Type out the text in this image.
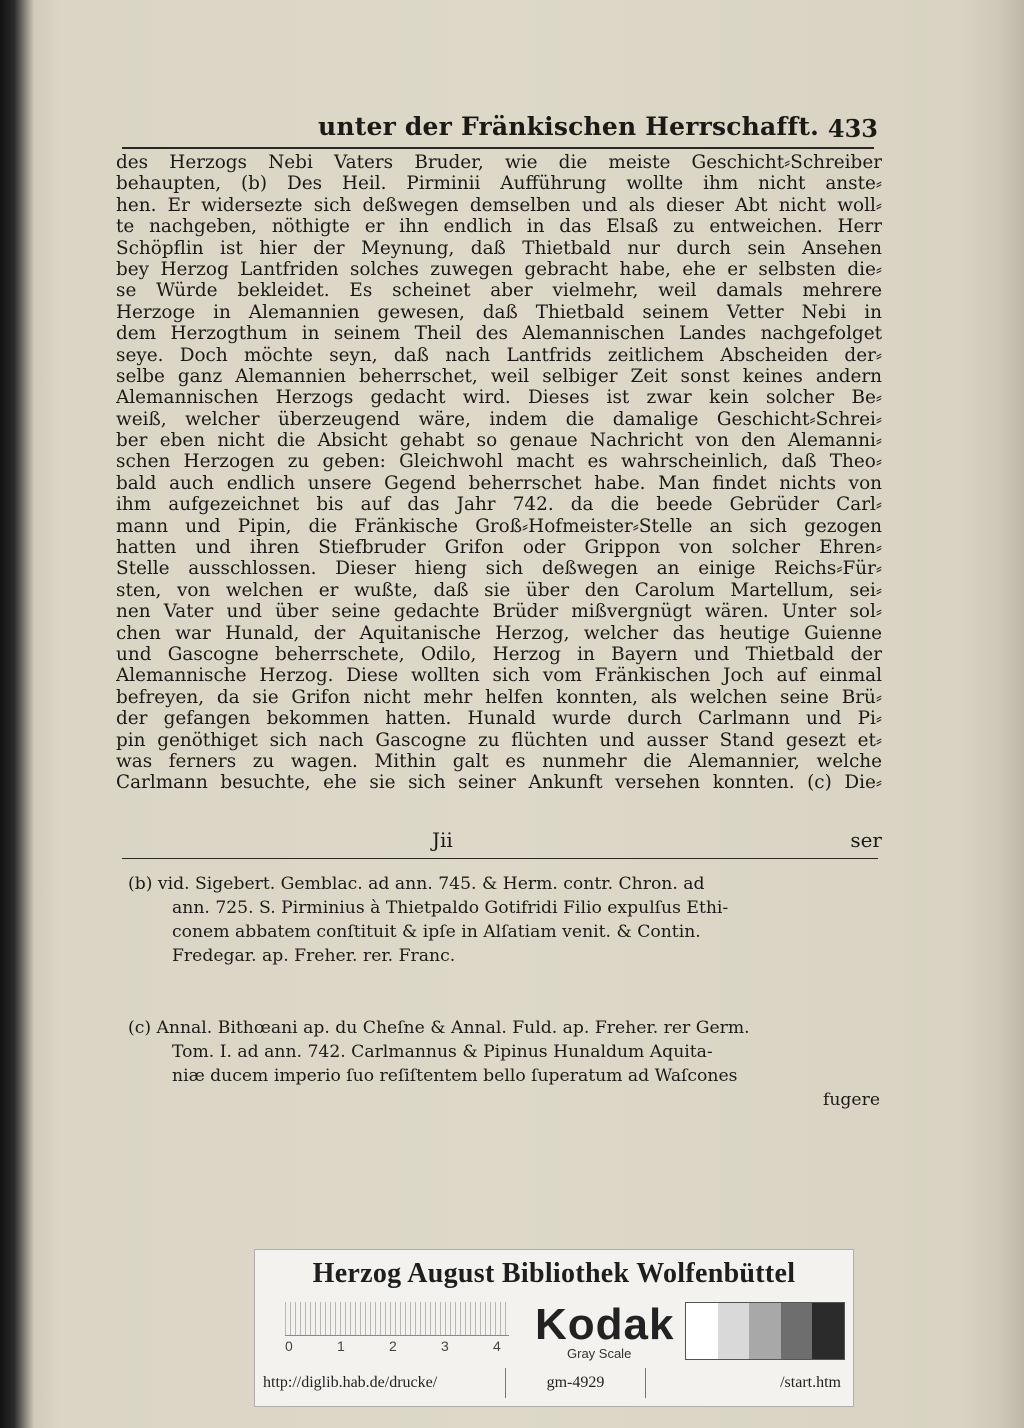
unter der Fränkischen Herrschafft. 433
des Herzogs Nebi Vaters Bruder, wie die meiste Geschicht⸗Schreiber
behaupten, (b) Des Heil. Pirminii Aufführung wollte ihm nicht anste⸗
hen. Er widersezte sich deßwegen demselben und als dieser Abt nicht woll⸗
te nachgeben, nöthigte er ihn endlich in das Elsaß zu entweichen. Herr
Schöpflin ist hier der Meynung, daß Thietbald nur durch sein Ansehen
bey Herzog Lantfriden solches zuwegen gebracht habe, ehe er selbsten die⸗
se Würde bekleidet. Es scheinet aber vielmehr, weil damals mehrere
Herzoge in Alemannien gewesen, daß Thietbald seinem Vetter Nebi in
dem Herzogthum in seinem Theil des Alemannischen Landes nachgefolget
seye. Doch möchte seyn, daß nach Lantfrids zeitlichem Abscheiden der⸗
selbe ganz Alemannien beherrschet, weil selbiger Zeit sonst keines andern
Alemannischen Herzogs gedacht wird. Dieses ist zwar kein solcher Be⸗
weiß, welcher überzeugend wäre, indem die damalige Geschicht⸗Schrei⸗
ber eben nicht die Absicht gehabt so genaue Nachricht von den Alemanni⸗
schen Herzogen zu geben: Gleichwohl macht es wahrscheinlich, daß Theo⸗
bald auch endlich unsere Gegend beherrschet habe. Man findet nichts von
ihm aufgezeichnet bis auf das Jahr 742. da die beede Gebrüder Carl⸗
mann und Pipin, die Fränkische Groß⸗Hofmeister⸗Stelle an sich gezogen
hatten und ihren Stiefbruder Grifon oder Grippon von solcher Ehren⸗
Stelle ausschlossen. Dieser hieng sich deßwegen an einige Reichs⸗Für⸗
sten, von welchen er wußte, daß sie über den Carolum Martellum, sei⸗
nen Vater und über seine gedachte Brüder mißvergnügt wären. Unter sol⸗
chen war Hunald, der Aquitanische Herzog, welcher das heutige Guienne
und Gascogne beherrschete, Odilo, Herzog in Bayern und Thietbald der
Alemannische Herzog. Diese wollten sich vom Fränkischen Joch auf einmal
befreyen, da sie Grifon nicht mehr helfen konnten, als welchen seine Brü⸗
der gefangen bekommen hatten. Hunald wurde durch Carlmann und Pi⸗
pin genöthiget sich nach Gascogne zu flüchten und ausser Stand gesezt et⸗
was ferners zu wagen. Mithin galt es nunmehr die Alemannier, welche
Carlmann besuchte, ehe sie sich seiner Ankunft versehen konnten. (c) Die⸗
Jii	ser
(b) vid. Sigebert. Gemblac. ad ann. 745. & Herm. contr. Chron. ad
ann. 725. S. Pirminius à Thietpaldo Gotifridi Filio expulſus Ethi-
conem abbatem conſtituit & ipſe in Alſatiam venit. & Contin.
Fredegar. ap. Freher. rer. Franc.
(c) Annal. Bithœani ap. du Cheſne & Annal. Fuld. ap. Freher. rer Germ.
Tom. I. ad ann. 742. Carlmannus & Pipinus Hunaldum Aquita-
niæ ducem imperio ſuo reſiſtentem bello ſuperatum ad Waſcones
fugere
Herzog August Bibliothek Wolfenbüttel
0	1	2	3	4 Kodak
Gray Scale
http://diglib.hab.de/drucke/	gm-4929	/start.htm
